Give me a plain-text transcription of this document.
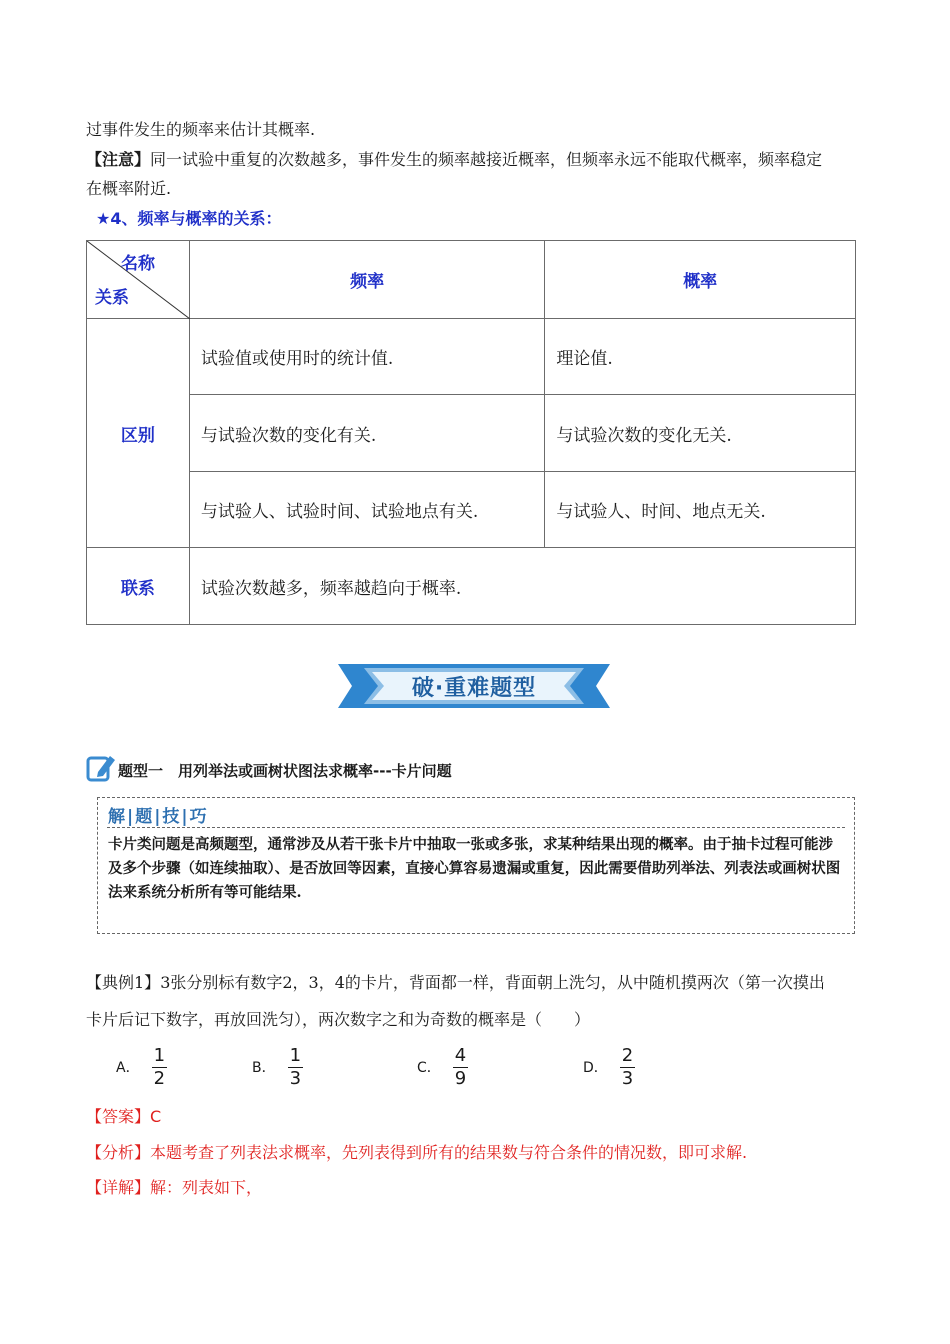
过事件发生的频率来估计其概率.
【注意】同一试验中重复的次数越多，事件发生的频率越接近概率，但频率永远不能取代概率，频率稳定
在概率附近.
★4、频率与概率的关系：
名称
关系	频率	概率
区别	试验值或使用时的统计值.	理论值.
	与试验次数的变化有关.	与试验次数的变化无关.
	与试验人、试验时间、试验地点有关.	与试验人、时间、地点无关.
联系	试验次数越多，频率越趋向于概率.	
破·重难题型
题型一　用列举法或画树状图法求概率---卡片问题
解|题|技|巧
卡片类问题是高频题型，通常涉及从若干张卡片中抽取一张或多张，求某种结果出现的概率。由于抽卡过程可能涉及多个步骤（如连续抽取）、是否放回等因素，直接心算容易遗漏或重复，因此需要借助列举法、列表法或画树状图法来系统分析所有等可能结果.
【典例1】3张分别标有数字2，3，4的卡片，背面都一样，背面朝上洗匀，从中随机摸两次（第一次摸出
卡片后记下数字，再放回洗匀），两次数字之和为奇数的概率是（　　）
A． $\frac{1}{2}$	B． $\frac{1}{3}$	C． $\frac{4}{9}$	D． $\frac{2}{3}$
【答案】C
【分析】本题考查了列表法求概率，先列表得到所有的结果数与符合条件的情况数，即可求解.
【详解】解：列表如下，
